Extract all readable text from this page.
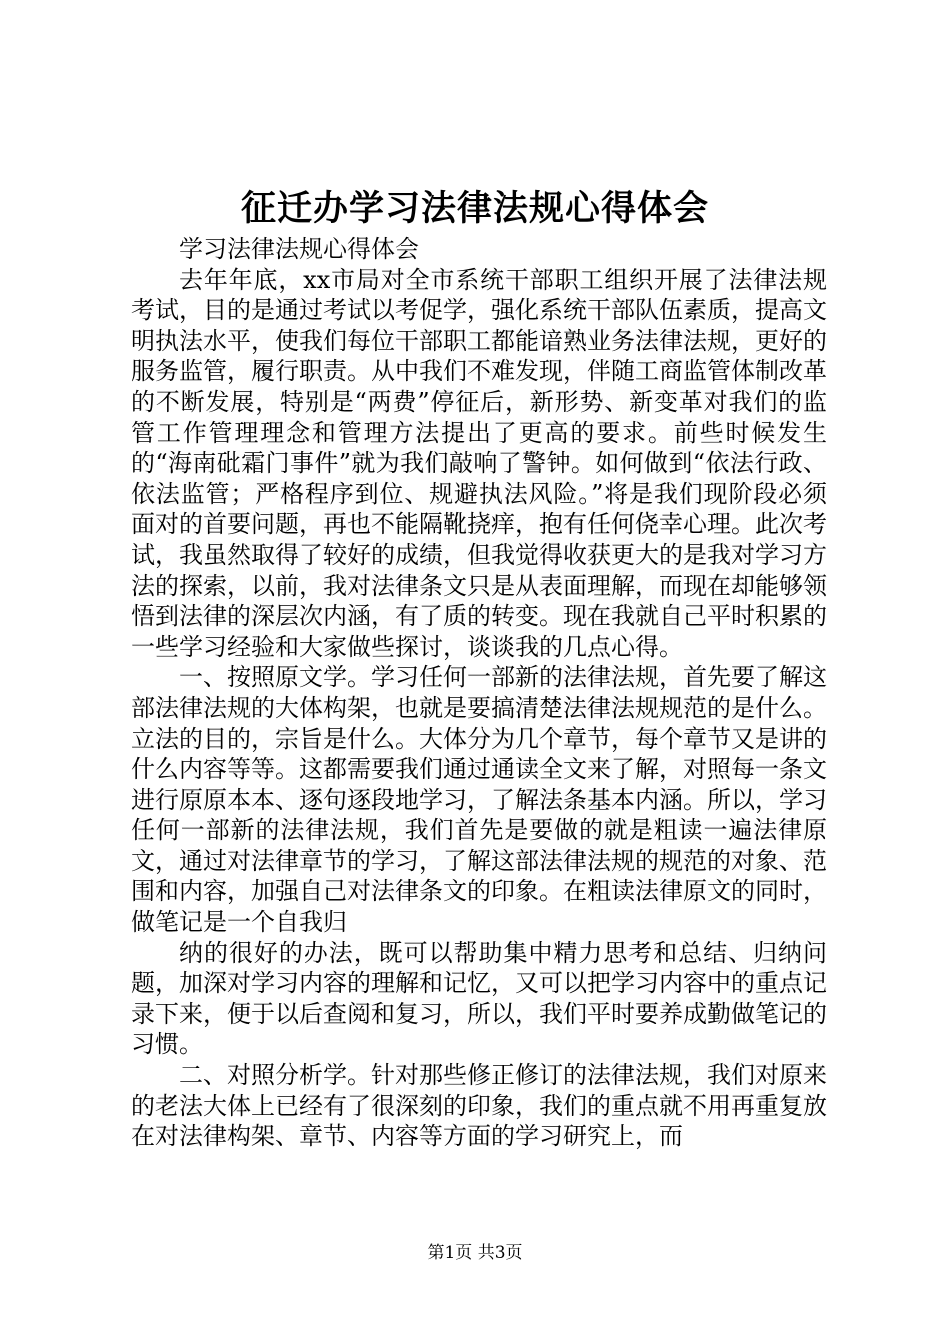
征迁办学习法律法规心得体会

学习法律法规心得体会

去年年底，xx市局对全市系统干部职工组织开展了法律法规考试，目的是通过考试以考促学，强化系统干部队伍素质，提高文明执法水平，使我们每位干部职工都能谙熟业务法律法规，更好的服务监管，履行职责。从中我们不难发现，伴随工商监管体制改革的不断发展，特别是“两费”停征后，新形势、新变革对我们的监管工作管理理念和管理方法提出了更高的要求。前些时候发生的“海南砒霜门事件”就为我们敲响了警钟。如何做到“依法行政、依法监管；严格程序到位、规避执法风险。”将是我们现阶段必须面对的首要问题，再也不能隔靴挠痒，抱有任何侥幸心理。此次考试，我虽然取得了较好的成绩，但我觉得收获更大的是我对学习方法的探索，以前，我对法律条文只是从表面理解，而现在却能够领悟到法律的深层次内涵，有了质的转变。现在我就自己平时积累的一些学习经验和大家做些探讨，谈谈我的几点心得。

一、按照原文学。学习任何一部新的法律法规，首先要了解这部法律法规的大体构架，也就是要搞清楚法律法规规范的是什么。立法的目的，宗旨是什么。大体分为几个章节，每个章节又是讲的什么内容等等。这都需要我们通过通读全文来了解，对照每一条文进行原原本本、逐句逐段地学习，了解法条基本内涵。所以，学习任何一部新的法律法规，我们首先是要做的就是粗读一遍法律原文，通过对法律章节的学习，了解这部法律法规的规范的对象、范围和内容，加强自己对法律条文的印象。在粗读法律原文的同时，做笔记是一个自我归

纳的很好的办法，既可以帮助集中精力思考和总结、归纳问题，加深对学习内容的理解和记忆，又可以把学习内容中的重点记录下来，便于以后查阅和复习，所以，我们平时要养成勤做笔记的习惯。

二、对照分析学。针对那些修正修订的法律法规，我们对原来的老法大体上已经有了很深刻的印象，我们的重点就不用再重复放在对法律构架、章节、内容等方面的学习研究上，而

第1页 共3页
